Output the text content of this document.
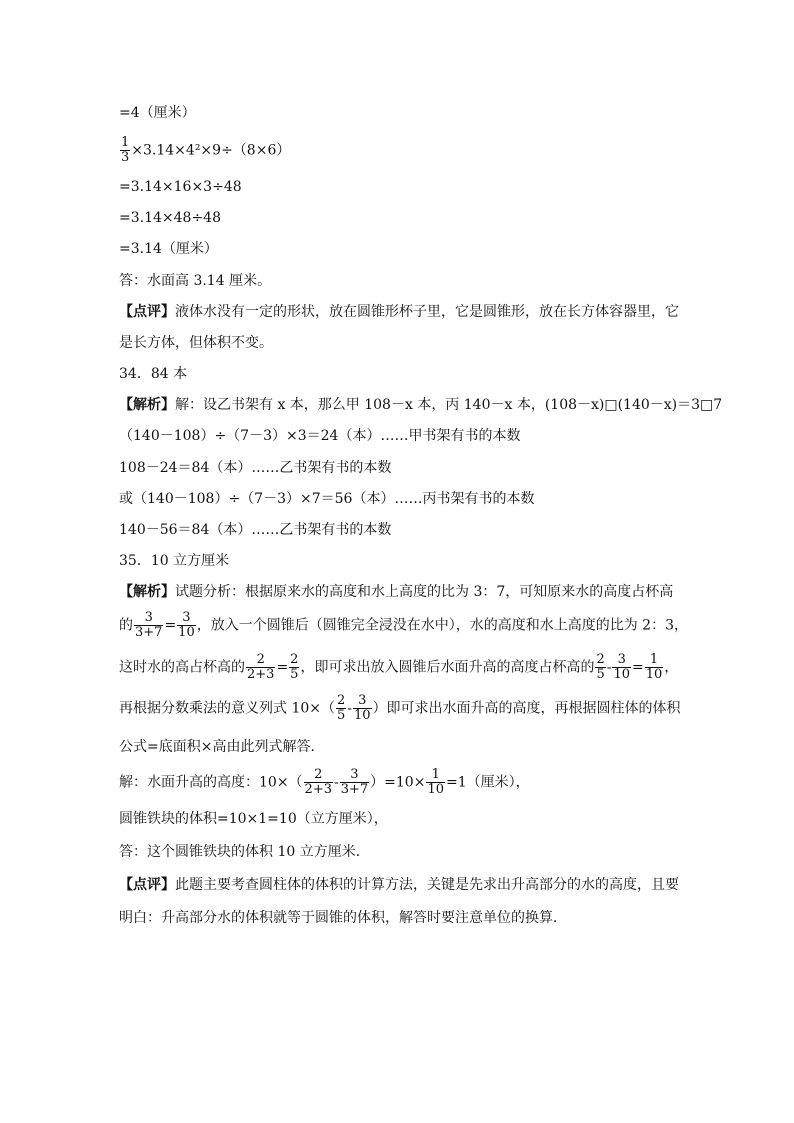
=4（厘米）
$\frac{1}{3} \times 3.14\times 4^2\times 9\div(8\times 6)$
=3.14×16×3÷48
=3.14×48÷48
=3.14（厘米）
答：水面高 3.14 厘米。
【点评】液体水没有一定的形状，放在圆锥形杯子里，它是圆锥形，放在长方体容器里，它
是长方体，但体积不变。
34．84 本
【解析】解：设乙书架有 x 本，那么甲 108－x 本，丙 140－x 本，(108－x)□(140－x)＝3□7
（140－108）÷（7－3）×3＝24（本）……甲书架有书的本数
108－24＝84（本）……乙书架有书的本数
或（140－108）÷（7－3）×7＝56（本）……丙书架有书的本数
140－56＝84（本）……乙书架有书的本数
35．10 立方厘米
【解析】试题分析：根据原来水的高度和水上高度的比为 3：7，可知原来水的高度占杯高
的 $\frac{3}{3+7} = \frac{3}{10}$ ，放入一个圆锥后（圆锥完全浸没在水中），水的高度和水上高度的比为 2：3，
这时水的高占杯高的 $\frac{2}{2+3} = \frac{2}{5}$ ，即可求出放入圆锥后水面升高的高度占杯高的 $\frac{2}{5} - \frac{3}{10} = \frac{1}{10}$ ，
再根据分数乘法的意义列式 $10\times( \frac{2}{5} - \frac{3}{10}$ ）即可求出水面升高的高度，再根据圆柱体的体积
公式=底面积×高由此列式解答．
解：水面升高的高度：$10\times( \frac{2}{2+3} - \frac{3}{3+7} )=10\times \frac{1}{10} =1$（厘米），
圆锥铁块的体积=10×1=10（立方厘米），
答：这个圆锥铁块的体积 10 立方厘米．
【点评】此题主要考查圆柱体的体积的计算方法，关键是先求出升高部分的水的高度，且要
明白：升高部分水的体积就等于圆锥的体积，解答时要注意单位的换算．
